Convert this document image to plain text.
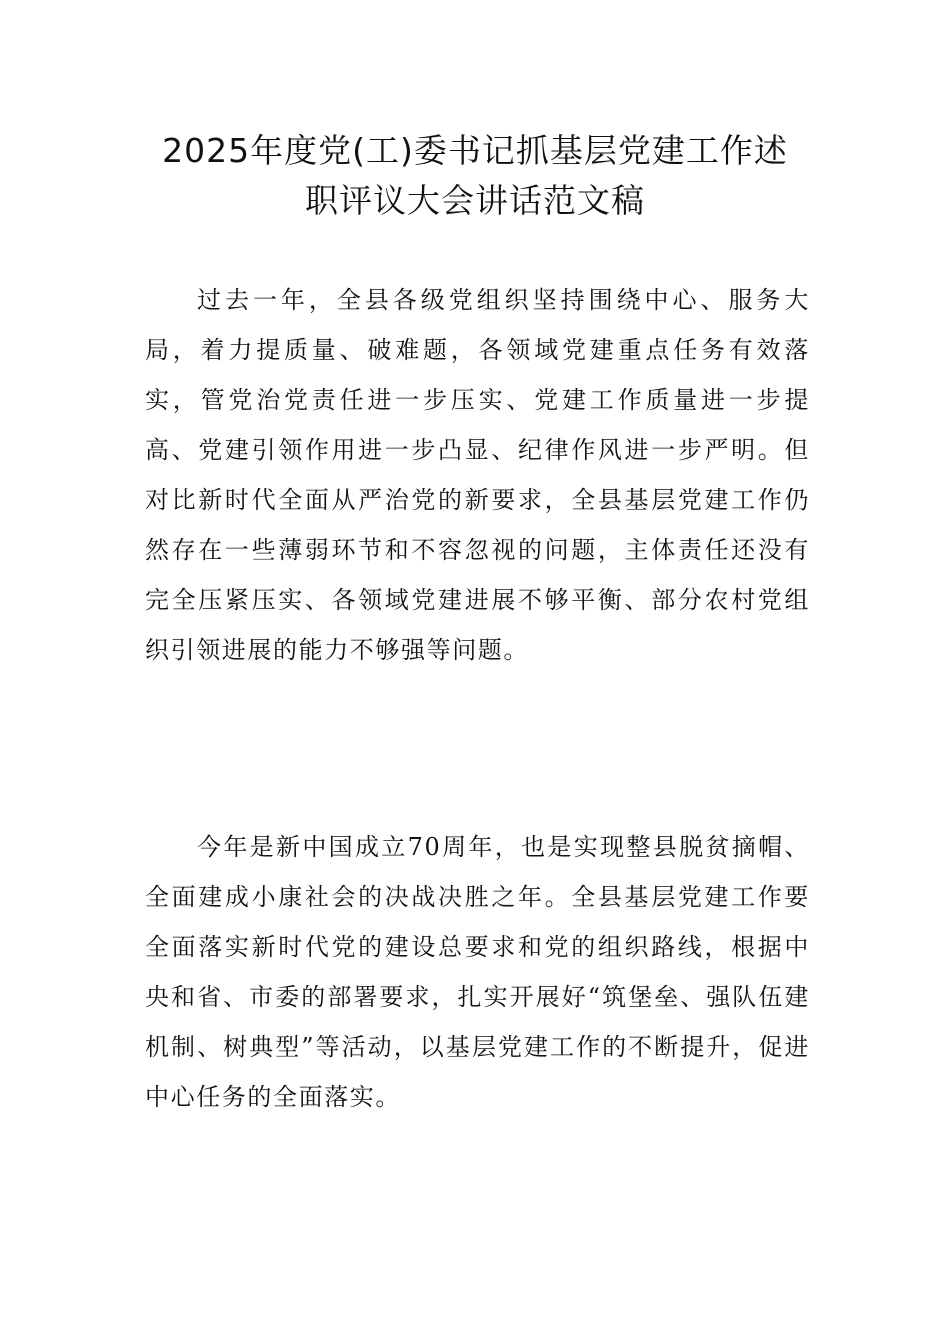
2025年度党(工)委书记抓基层党建工作述
职评议大会讲话范文稿

过去一年，全县各级党组织坚持围绕中心、服务大局，着力提质量、破难题，各领域党建重点任务有效落实，管党治党责任进一步压实、党建工作质量进一步提高、党建引领作用进一步凸显、纪律作风进一步严明。但对比新时代全面从严治党的新要求，全县基层党建工作仍然存在一些薄弱环节和不容忽视的问题，主体责任还没有完全压紧压实、各领域党建进展不够平衡、部分农村党组织引领进展的能力不够强等问题。

今年是新中国成立70周年，也是实现整县脱贫摘帽、全面建成小康社会的决战决胜之年。全县基层党建工作要全面落实新时代党的建设总要求和党的组织路线，根据中央和省、市委的部署要求，扎实开展好“筑堡垒、强队伍建机制、树典型”等活动，以基层党建工作的不断提升，促进中心任务的全面落实。
